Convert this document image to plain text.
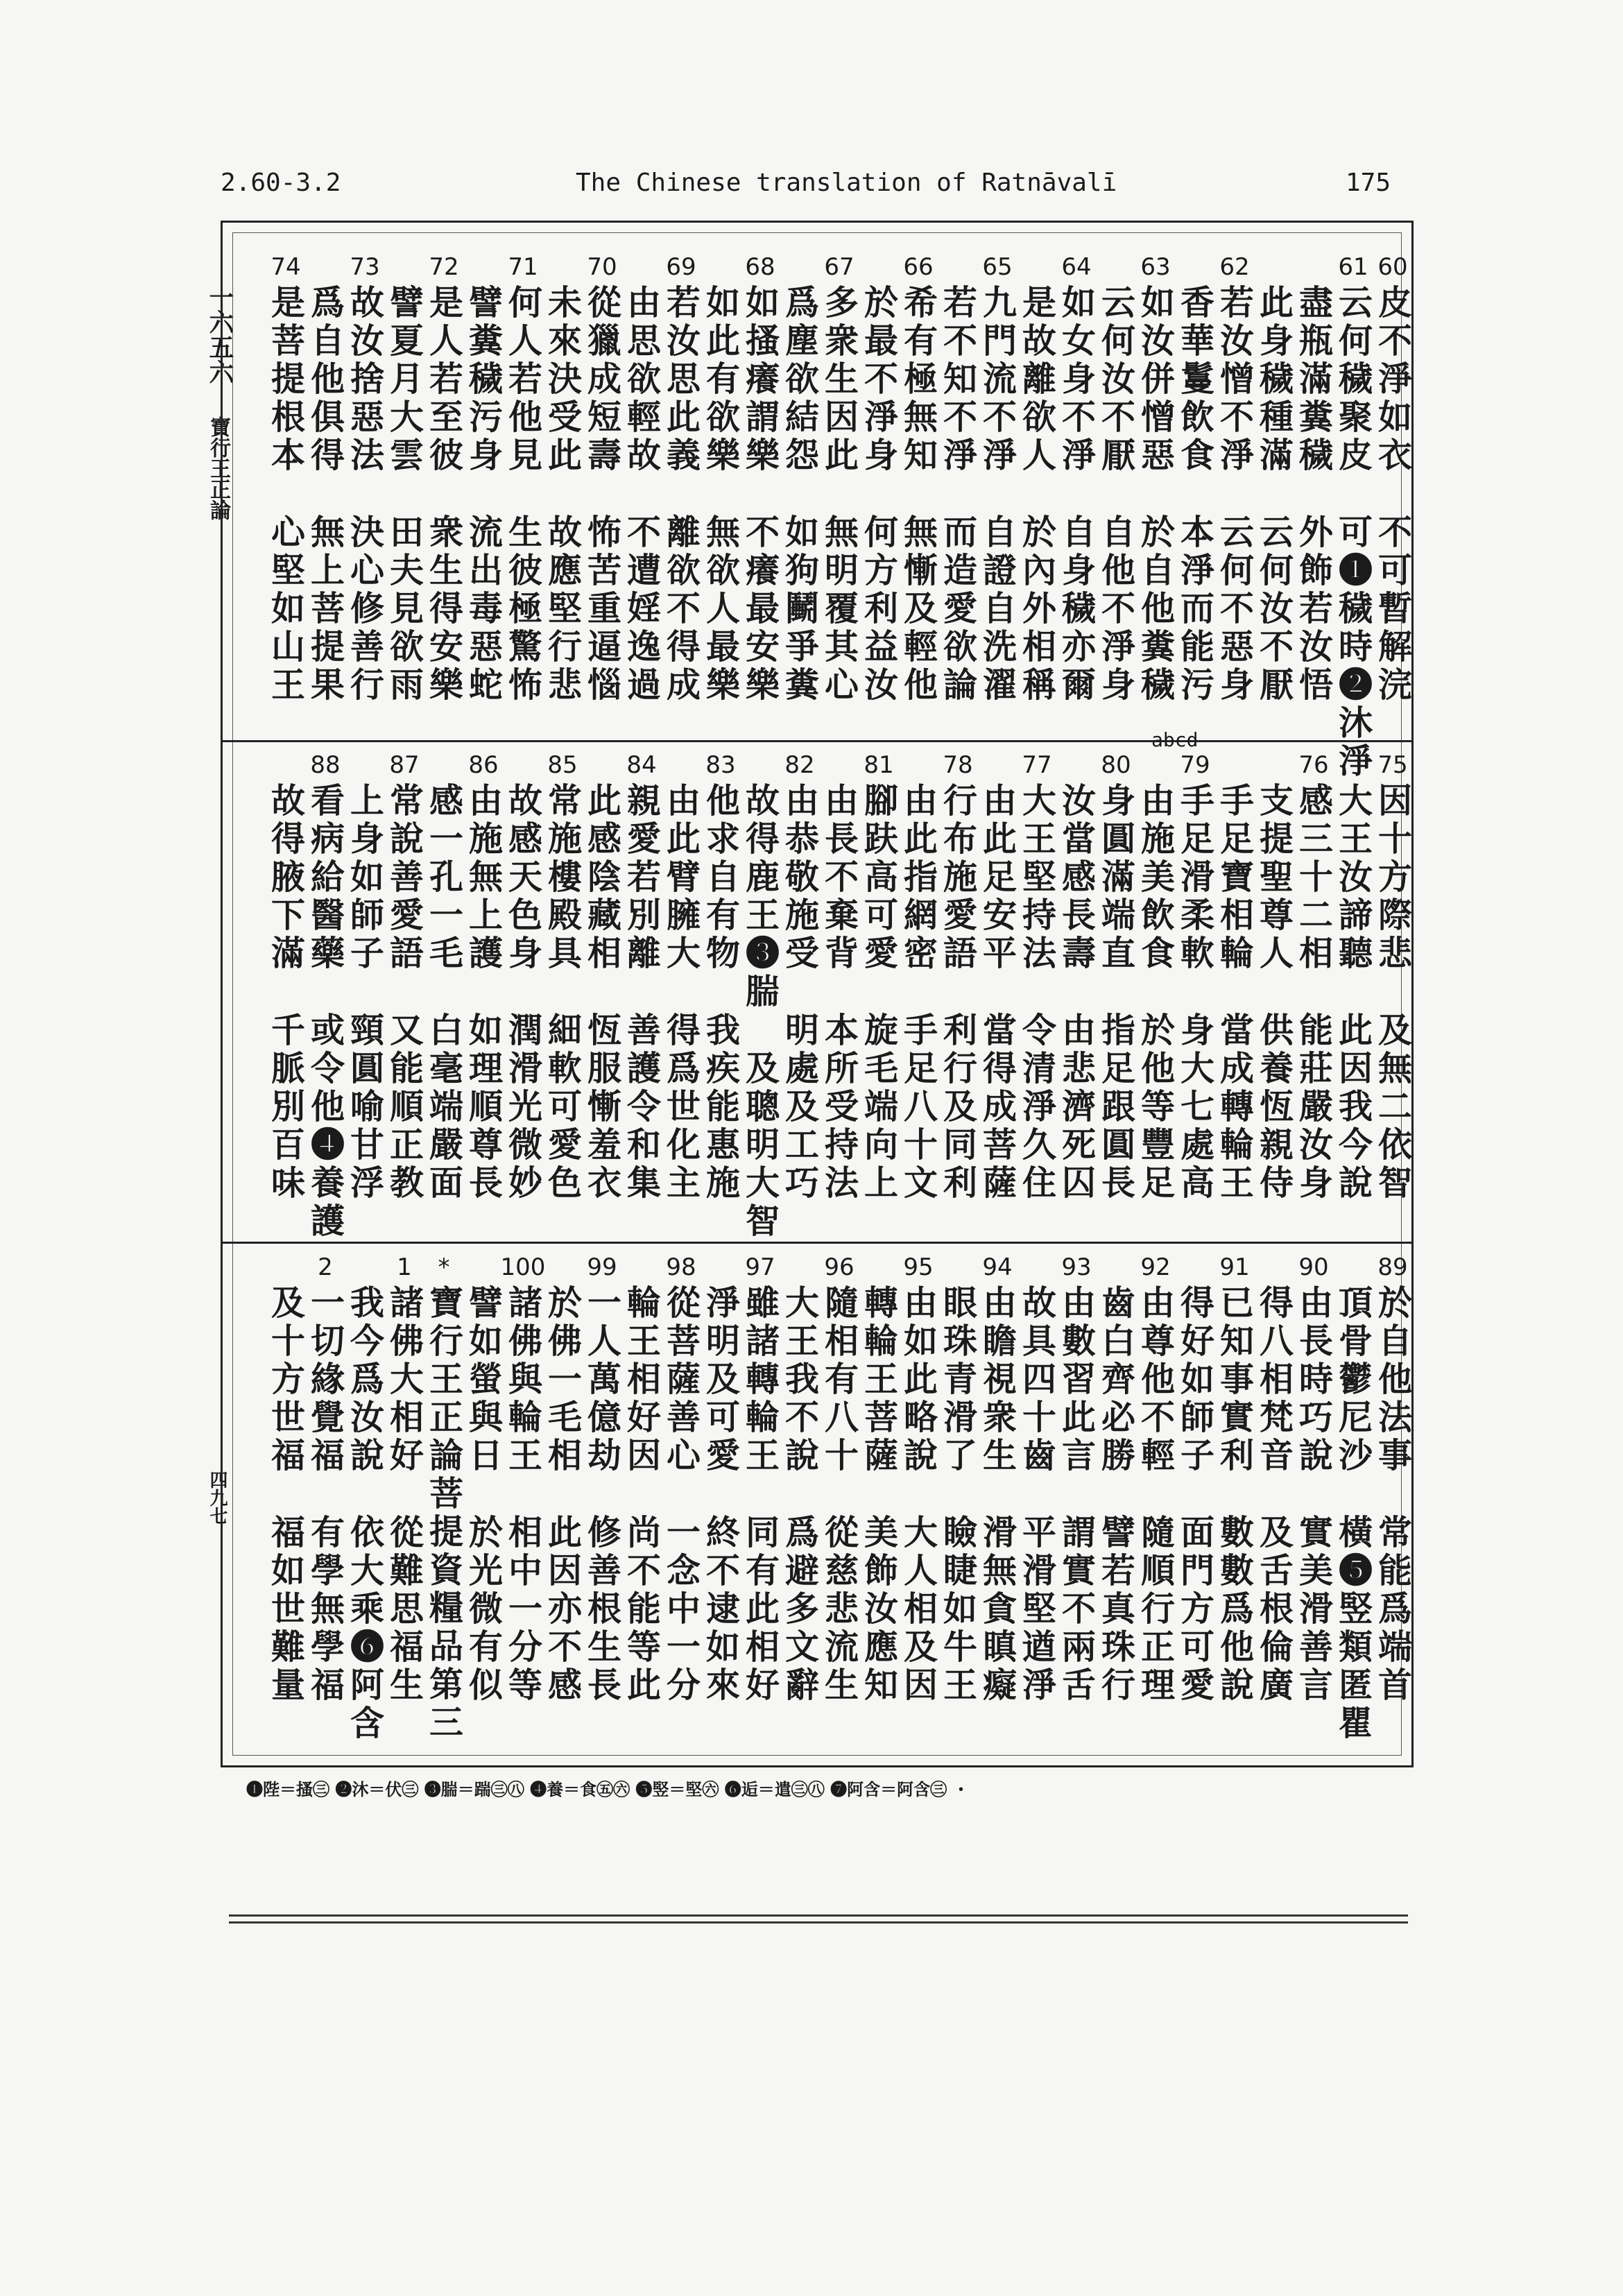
2.60-3.2	The Chinese translation of Ratnāvalī	175
一六五六
寶行王正論
四九七
abcd
60
皮不淨如衣
不可暫解浣
61
云何穢聚皮
可❶穢時❷沐淨
盡瓶滿糞穢
外飾若汝悟
此身穢種滿
云何汝不厭
62
若汝憎不淨
云何不惡身
香華鬘飲食
本淨而能污
63
如汝併憎惡
於自他糞穢
云何汝不厭
自他不淨身
64
如女身不淨
自身穢亦爾
是故離欲人
於內外相稱
65
九門流不淨
自證自洗濯
若不知不淨
而造愛欲論
66
希有極無知
無慚及輕他
於最不淨身
何方利益汝
67
多衆生因此
無明覆其心
爲塵欲結怨
如狗鬭爭糞
68
如搔癢謂樂
不癢最安樂
如此有欲樂
無欲人最樂
69
若汝思此義
離欲不得成
由思欲輕故
不遭婬逸過
70
從獵成短壽
怖苦重逼惱
未來決受此
故應堅行悲
71
何人若他見
生彼極驚怖
譬糞穢污身
流出毒惡蛇
72
是人若至彼
衆生得安樂
譬夏月大雲
田夫見欲雨
73
故汝捨惡法
決心修善行
爲自他俱得
無上菩提果
74
是菩提根本
心堅如山王
75
因十方際悲
及無二依智
大王汝諦聽
此因我今說
76
感三十二相
能莊嚴汝身
支提聖尊人
供養恆親侍
手足寶相輪
當成轉輪王
79
手足滑柔軟
身大七處高
由施美飲食
於他等豐足
80
身圓滿端直
指足跟圓長
汝當感長壽
由悲濟死囚
77
大王堅持法
令清淨久住
由此足安平
當得成菩薩
78
行布施愛語
利行及同利
由此指網密
手足八十文
81
腳趺高可愛
旋毛端向上
由長不棄背
本所受持法
82
由恭敬施受
明處及工巧
故得鹿王❸腨
及聰明大智
83
他求自有物
我疾能惠施
由此臂臃大
得爲世化主
84
親愛若別離
善護令和集
此感陰藏相
恆服慚羞衣
85
常施樓殿具
細軟可愛色
故感天色身
潤滑光微妙
86
由施無上護
如理順尊長
感一孔一毛
白毫端嚴面
87
常說善愛語
又能順正教
上身如師子
頸圓喻甘浮
88
看病給醫藥
或令他❹養護
故得腋下滿
千脈別百味
89
於自他法事
常能爲端首
頂骨鬱尼沙
橫❺竪類匿瞿
90
由長時巧說
實美滑善言
得八相梵音
及舌根倫廣
91
已知事實利
數數爲他說
得好如師子
面門方可愛
92
由尊他不輕
隨順行正理
齒白齊必勝
譬若真珠行
93
由數習此言
謂實不兩舌
故具四十齒
平滑堅遒淨
94
由瞻視衆生
滑無貪瞋癡
眼珠青滑了
瞼睫如牛王
95
由如此略說
大人相及因
轉輪王菩薩
美飾汝應知
96
隨相有八十
從慈悲流生
大王我不說
爲避多文辭
97
雖諸轉輪王
同有此相好
淨明及可愛
終不逮如來
98
從菩薩善心
一念中一分
輪王相好因
尚不能等此
99
一人萬億劫
修善根生長
於佛一毛相
此因亦不感
100
諸佛與輪王
相中一分等
譬如螢與日
於光微有似
*
寶行王正論菩提資糧品第三
1
諸佛大相好
從難思福生
我今爲汝說
依大乘❻阿含
2
一切緣覺福
有學無學福
及十方世福
福如世難量
❶陛＝搔㊂ ❷沐＝伏㊂ ❸腨＝踹㊂㊇ ❹養＝食㊄㊅ ❺竪＝堅㊅ ❻逅＝遣㊂㊇ ❼阿含＝阿含㊂ ・
